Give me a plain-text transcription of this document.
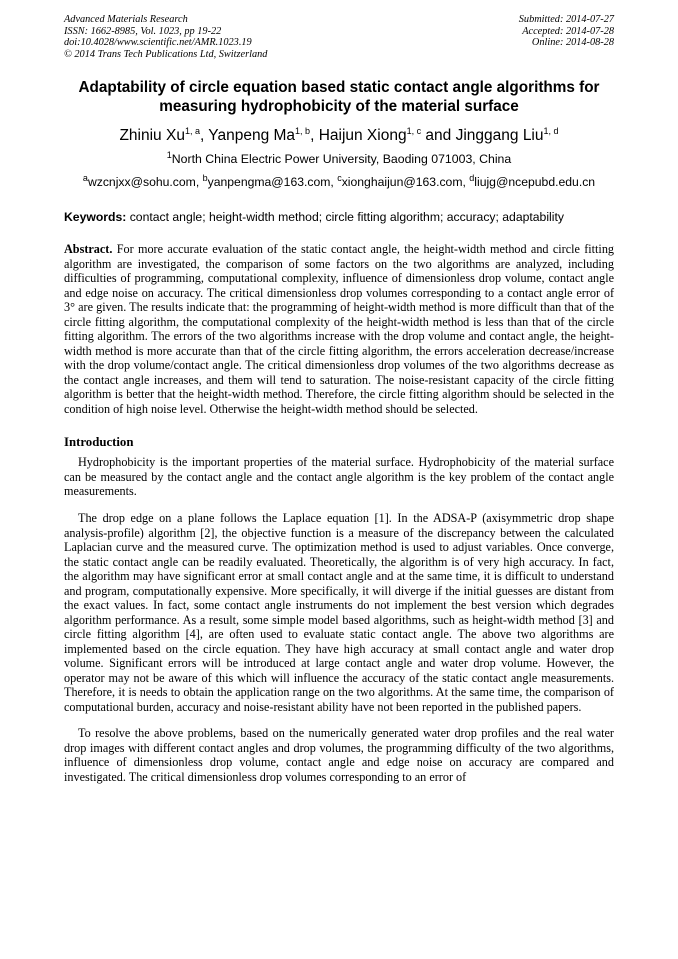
Advanced Materials Research
ISSN: 1662-8985, Vol. 1023, pp 19-22
doi:10.4028/www.scientific.net/AMR.1023.19
© 2014 Trans Tech Publications Ltd, Switzerland
Submitted: 2014-07-27
Accepted: 2014-07-28
Online: 2014-08-28
Adaptability of circle equation based static contact angle algorithms for measuring hydrophobicity of the material surface
Zhiniu Xu$^{1, a}$, Yanpeng Ma$^{1, b}$, Haijun Xiong$^{1, c}$ and Jinggang Liu$^{1, d}$
$^1$North China Electric Power University, Baoding 071003, China
$^a$wzcnjxx@sohu.com, $^b$yanpengma@163.com, $^c$xionghaijun@163.com, $^d$liujg@ncepubd.edu.cn
Keywords: contact angle; height-width method; circle fitting algorithm; accuracy; adaptability
Abstract. For more accurate evaluation of the static contact angle, the height-width method and circle fitting algorithm are investigated, the comparison of some factors on the two algorithms are analyzed, including difficulties of programming, computational complexity, influence of dimensionless drop volume, contact angle and edge noise on accuracy. The critical dimensionless drop volumes corresponding to a contact angle error of 3° are given. The results indicate that: the programming of height-width method is more difficult than that of the circle fitting algorithm, the computational complexity of the height-width method is less than that of the circle fitting algorithm. The errors of the two algorithms increase with the drop volume and contact angle, the height-width method is more accurate than that of the circle fitting algorithm, the errors acceleration decrease/increase with the drop volume/contact angle. The critical dimensionless drop volumes of the two algorithms decrease as the contact angle increases, and them will tend to saturation. The noise-resistant capacity of the circle fitting algorithm is better that the height-width method. Therefore, the circle fitting algorithm should be selected in the condition of high noise level. Otherwise the height-width method should be selected.
Introduction

Hydrophobicity is the important properties of the material surface. Hydrophobicity of the material surface can be measured by the contact angle and the contact angle algorithm is the key problem of the contact angle measurements.

The drop edge on a plane follows the Laplace equation [1]. In the ADSA-P (axisymmetric drop shape analysis-profile) algorithm [2], the objective function is a measure of the discrepancy between the calculated Laplacian curve and the measured curve. The optimization method is used to adjust variables. Once converge, the static contact angle can be readily evaluated. Theoretically, the algorithm is of very high accuracy. In fact, the algorithm may have significant error at small contact angle and at the same time, it is difficult to understand and program, computationally expensive. More specifically, it will diverge if the initial guesses are distant from the exact values. In fact, some contact angle instruments do not implement the best version which degrades algorithm performance. As a result, some simple model based algorithms, such as height-width method [3] and circle fitting algorithm [4], are often used to evaluate static contact angle. The above two algorithms are implemented based on the circle equation. They have high accuracy at small contact angle and water drop volume. Significant errors will be introduced at large contact angle and water drop volume. However, the operator may not be aware of this which will influence the accuracy of the static contact angle measurements. Therefore, it is needs to obtain the application range on the two algorithms. At the same time, the comparison of computational burden, accuracy and noise-resistant ability have not been reported in the published papers.

To resolve the above problems, based on the numerically generated water drop profiles and the real water drop images with different contact angles and drop volumes, the programming difficulty of the two algorithms, influence of dimensionless drop volume, contact angle and edge noise on accuracy are compared and investigated. The critical dimensionless drop volumes corresponding to an error of
